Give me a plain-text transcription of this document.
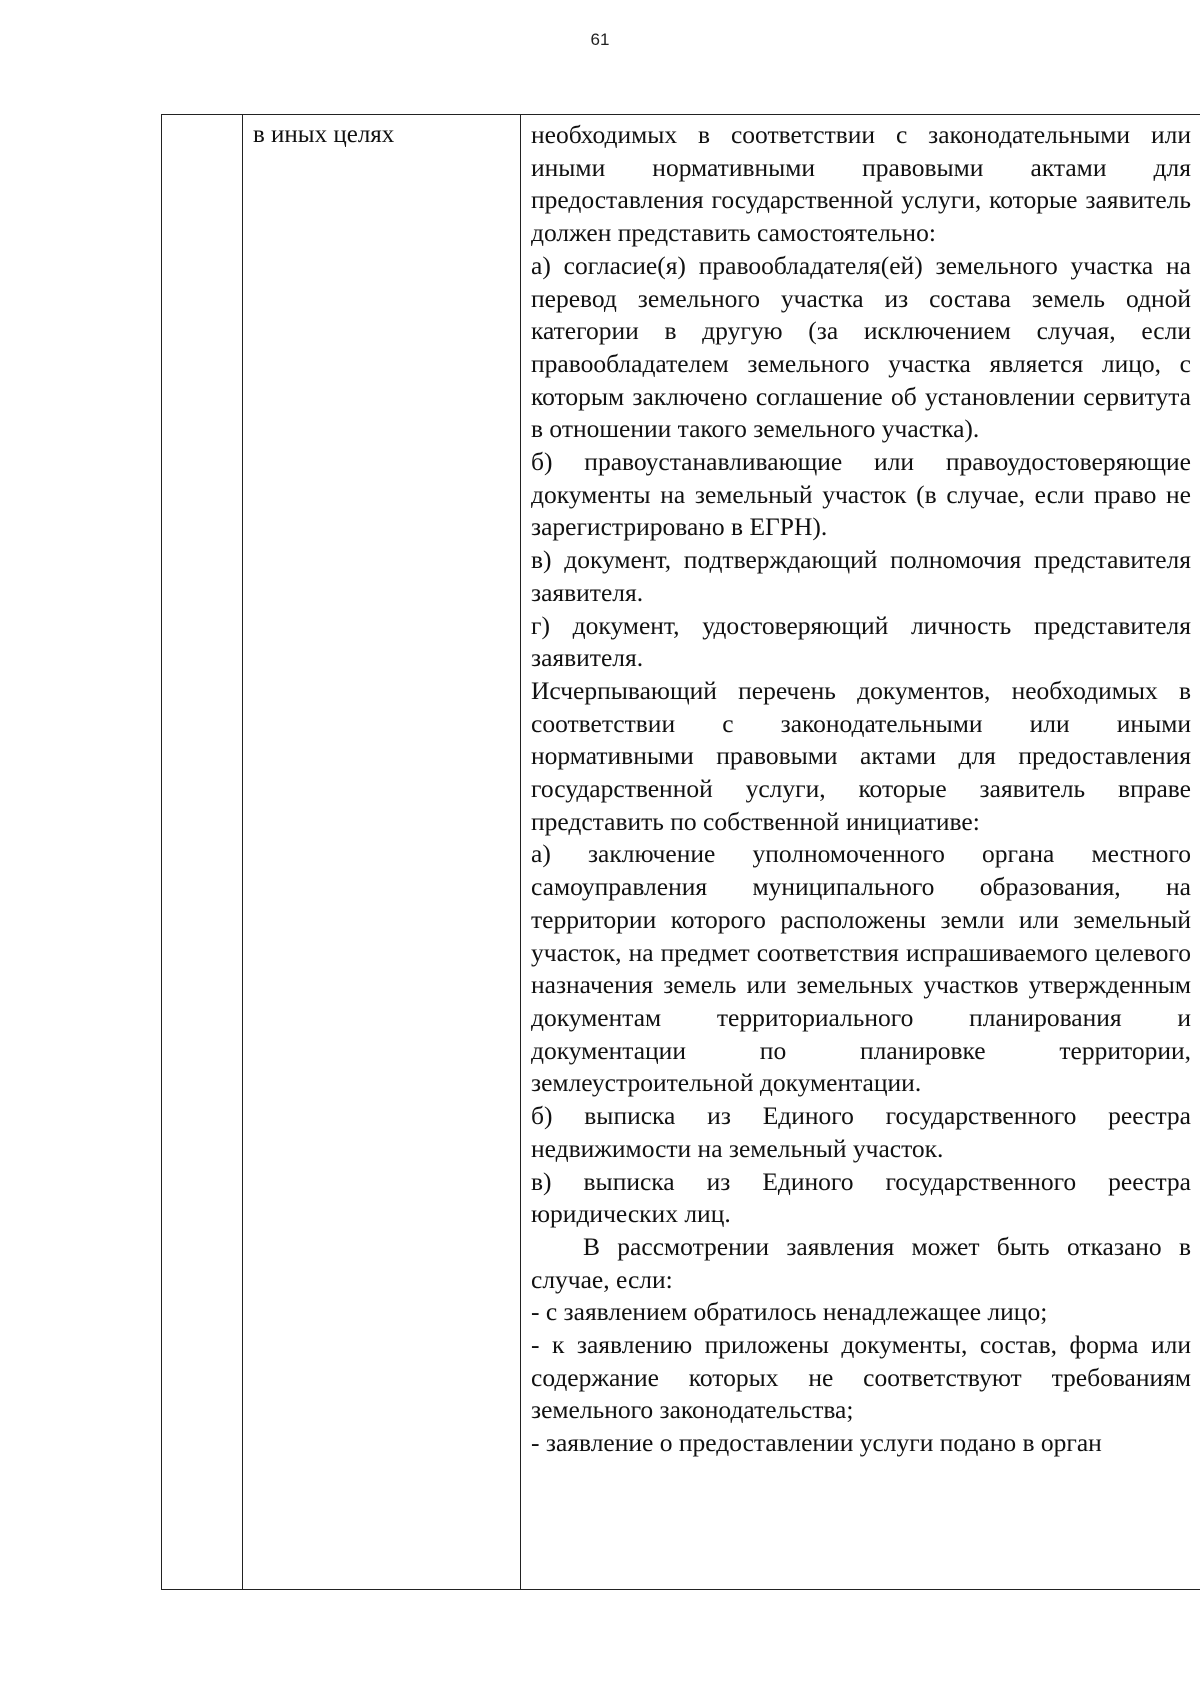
61
	в иных целях	необходимых в соответствии с законодательными или иными нормативными правовыми актами для предоставления государственной услуги, которые заявитель должен представить самостоятельно:

а) согласие(я) правообладателя(ей) земельного участка на перевод земельного участка из состава земель одной категории в другую (за исключением случая, если правообладателем земельного участка является лицо, с которым заключено соглашение об установлении сервитута в отношении такого земельного участка).

б) правоустанавливающие или правоудостоверяющие документы на земельный участок (в случае, если право не зарегистрировано в ЕГРН).

в) документ, подтверждающий полномочия представителя заявителя.

г) документ, удостоверяющий личность представителя заявителя.

Исчерпывающий перечень документов, необходимых в соответствии с законодательными или иными нормативными правовыми актами для предоставления государственной услуги, которые заявитель вправе представить по собственной инициативе:

а) заключение уполномоченного органа местного самоуправления муниципального образования, на территории которого расположены земли или земельный участок, на предмет соответствия испрашиваемого целевого назначения земель или земельных участков утвержденным документам территориального планирования и документации по планировке территории, землеустроительной документации.

б) выписка из Единого государственного реестра недвижимости на земельный участок.

в) выписка из Единого государственного реестра юридических лиц.

В рассмотрении заявления может быть отказано в случае, если:

- с заявлением обратилось ненадлежащее лицо;

- к заявлению приложены документы, состав, форма или содержание которых не соответствуют требованиям земельного законодательства;

- заявление о предоставлении услуги подано в орган
